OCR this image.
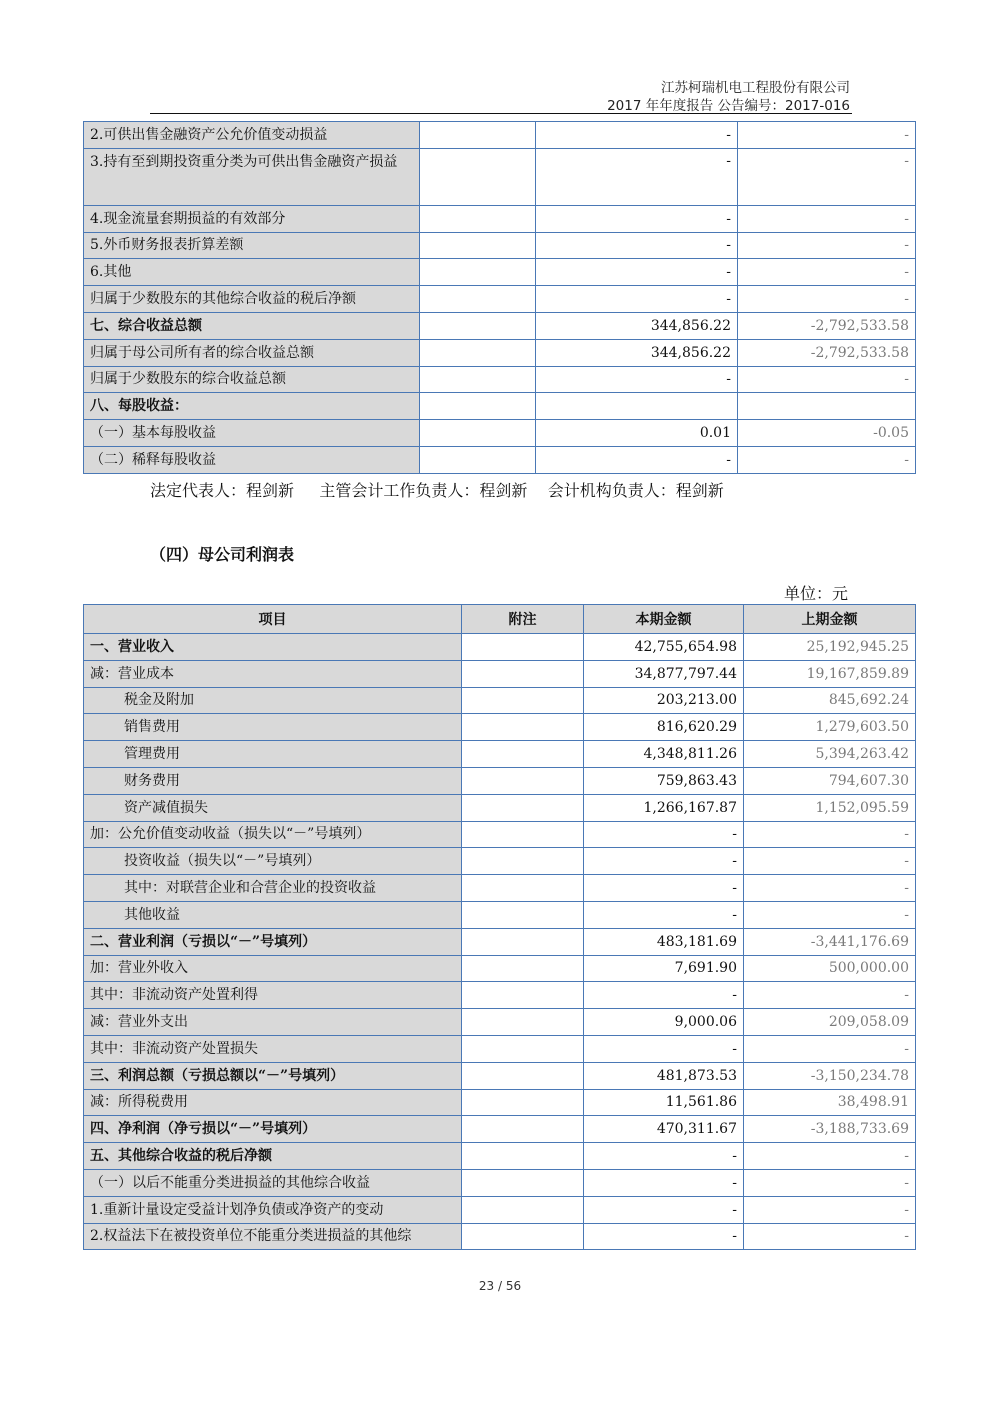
江苏柯瑞机电工程股份有限公司
2017 年年度报告 公告编号：2017-016
2.可供出售金融资产公允价值变动损益		-	-
3.持有至到期投资重分类为可供出售金融资产损益		-	-
4.现金流量套期损益的有效部分		-	-
5.外币财务报表折算差额		-	-
6.其他		-	-
归属于少数股东的其他综合收益的税后净额		-	-
七、综合收益总额		344,856.22	-2,792,533.58
归属于母公司所有者的综合收益总额		344,856.22	-2,792,533.58
归属于少数股东的综合收益总额		-	-
八、每股收益：			
（一）基本每股收益		0.01	-0.05
（二）稀释每股收益		-	-
法定代表人：程剑新     主管会计工作负责人：程剑新    会计机构负责人：程剑新
（四）母公司利润表
单位：元
项目	附注	本期金额	上期金额
一、营业收入		42,755,654.98	25,192,945.25
减：营业成本		34,877,797.44	19,167,859.89
税金及附加		203,213.00	845,692.24
销售费用		816,620.29	1,279,603.50
管理费用		4,348,811.26	5,394,263.42
财务费用		759,863.43	794,607.30
资产减值损失		1,266,167.87	1,152,095.59
加：公允价值变动收益（损失以“－”号填列）		-	-
投资收益（损失以“－”号填列）		-	-
其中：对联营企业和合营企业的投资收益		-	-
其他收益		-	-
二、营业利润（亏损以“－”号填列）		483,181.69	-3,441,176.69
加：营业外收入		7,691.90	500,000.00
其中：非流动资产处置利得		-	-
减：营业外支出		9,000.06	209,058.09
其中：非流动资产处置损失		-	-
三、利润总额（亏损总额以“－”号填列）		481,873.53	-3,150,234.78
减：所得税费用		11,561.86	38,498.91
四、净利润（净亏损以“－”号填列）		470,311.67	-3,188,733.69
五、其他综合收益的税后净额		-	-
（一）以后不能重分类进损益的其他综合收益		-	-
1.重新计量设定受益计划净负债或净资产的变动		-	-
2.权益法下在被投资单位不能重分类进损益的其他综		-	-
23 / 56
